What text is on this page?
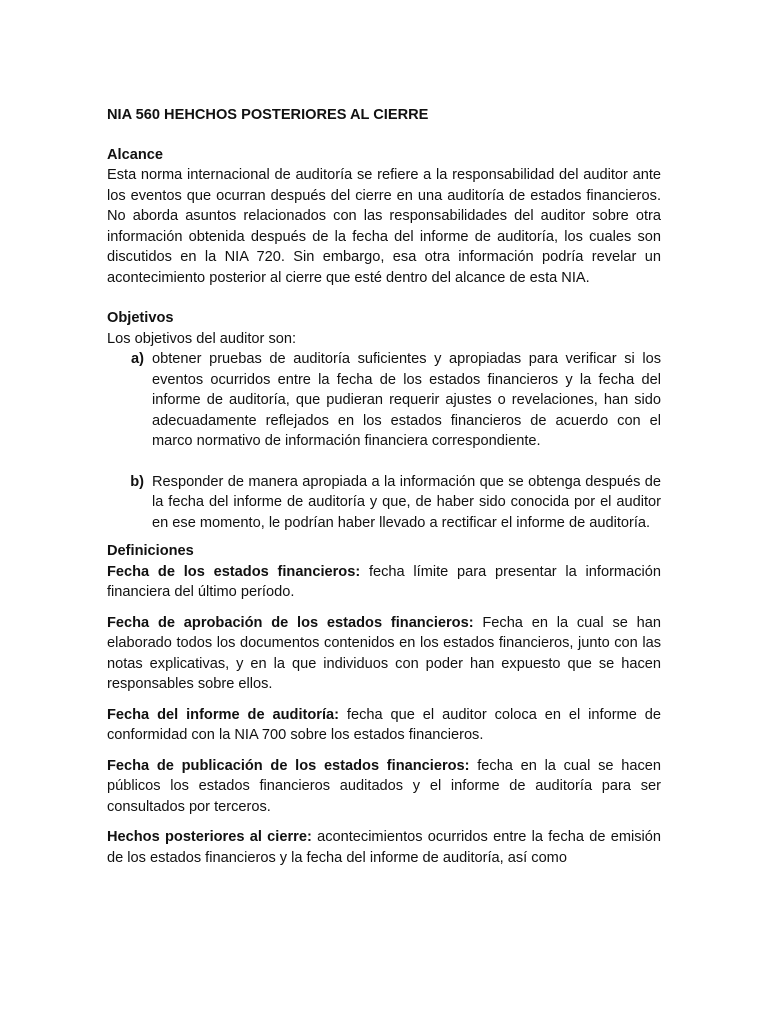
NIA 560 HEHCHOS POSTERIORES AL CIERRE

Alcance

Esta norma internacional de auditoría se refiere a la responsabilidad del auditor ante los eventos que ocurran después del cierre en una auditoría de estados financieros. No aborda asuntos relacionados con las responsabilidades del auditor sobre otra información obtenida después de la fecha del informe de auditoría, los cuales son discutidos en la NIA 720. Sin embargo, esa otra información podría revelar un acontecimiento posterior al cierre que esté dentro del alcance de esta NIA.

Objetivos

Los objetivos del auditor son:

a) obtener pruebas de auditoría suficientes y apropiadas para verificar si los eventos ocurridos entre la fecha de los estados financieros y la fecha del informe de auditoría, que pudieran requerir ajustes o revelaciones, han sido adecuadamente reflejados en los estados financieros de acuerdo con el marco normativo de información financiera correspondiente.
b) Responder de manera apropiada a la información que se obtenga después de la fecha del informe de auditoría y que, de haber sido conocida por el auditor en ese momento, le podrían haber llevado a rectificar el informe de auditoría.

Definiciones

Fecha de los estados financieros: fecha límite para presentar la información financiera del último período.

Fecha de aprobación de los estados financieros: Fecha en la cual se han elaborado todos los documentos contenidos en los estados financieros, junto con las notas explicativas, y en la que individuos con poder han expuesto que se hacen responsables sobre ellos.

Fecha del informe de auditoría: fecha que el auditor coloca en el informe de conformidad con la NIA 700 sobre los estados financieros.

Fecha de publicación de los estados financieros: fecha en la cual se hacen públicos los estados financieros auditados y el informe de auditoría para ser consultados por terceros.

Hechos posteriores al cierre: acontecimientos ocurridos entre la fecha de emisión de los estados financieros y la fecha del informe de auditoría, así como
